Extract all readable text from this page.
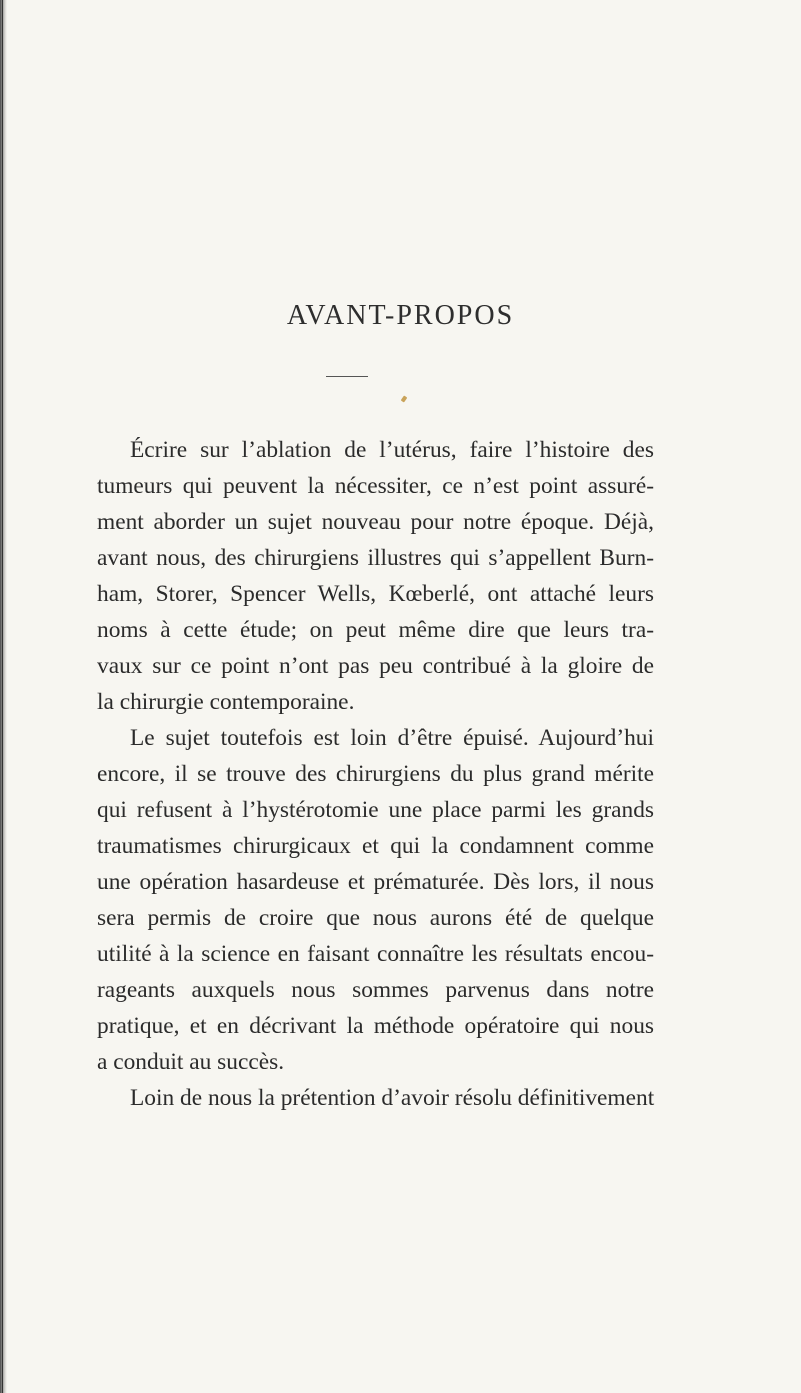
AVANT-PROPOS
Écrire sur l’ablation de l’utérus, faire l’histoire des
tumeurs qui peuvent la nécessiter, ce n’est point assuré-
ment aborder un sujet nouveau pour notre époque. Déjà,
avant nous, des chirurgiens illustres qui s’appellent Burn-
ham, Storer, Spencer Wells, Kœberlé, ont attaché leurs
noms à cette étude; on peut même dire que leurs tra-
vaux sur ce point n’ont pas peu contribué à la gloire de
la chirurgie contemporaine.
Le sujet toutefois est loin d’être épuisé. Aujourd’hui
encore, il se trouve des chirurgiens du plus grand mérite
qui refusent à l’hystérotomie une place parmi les grands
traumatismes chirurgicaux et qui la condamnent comme
une opération hasardeuse et prématurée. Dès lors, il nous
sera permis de croire que nous aurons été de quelque
utilité à la science en faisant connaître les résultats encou-
rageants auxquels nous sommes parvenus dans notre
pratique, et en décrivant la méthode opératoire qui nous
a conduit au succès.
Loin de nous la prétention d’avoir résolu définitivement
